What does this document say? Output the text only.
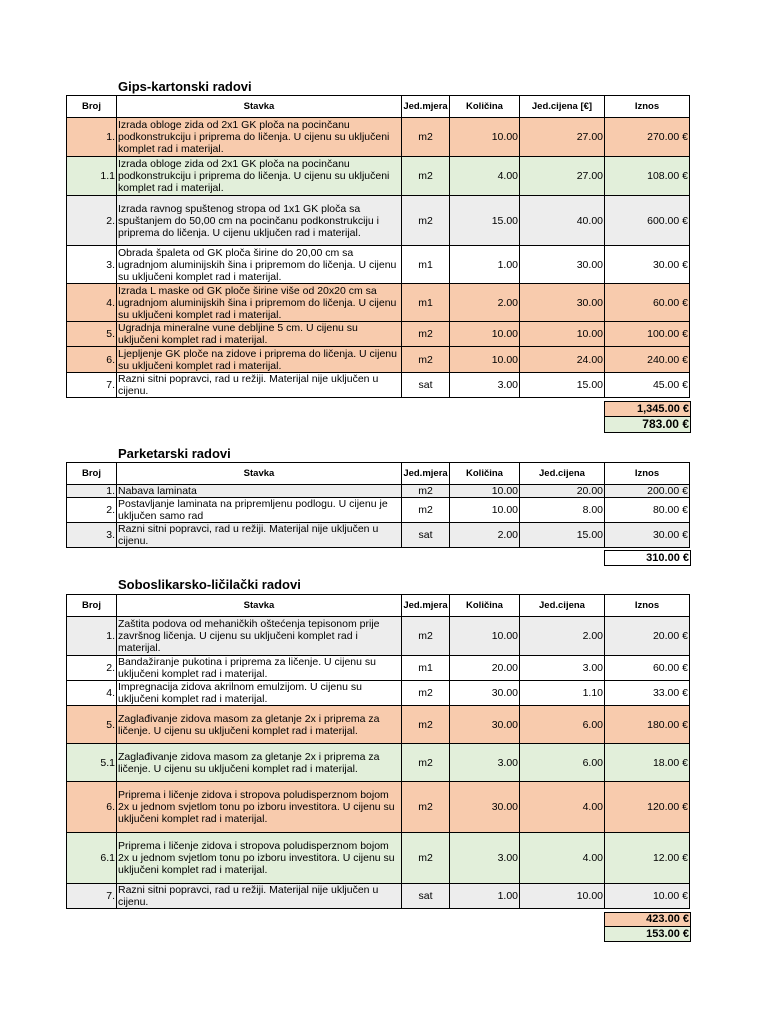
Gips-kartonski radovi
Broj	Stavka	Jed.mjera	Količina	Jed.cijena [€]	Iznos
1.	Izrada obloge zida od 2x1 GK ploča na pocinčanu podkonstrukciju i priprema do ličenja. U cijenu su uključeni komplet rad i materijal.	m2	10.00	27.00	270.00 €
1.1	Izrada obloge zida od 2x1 GK ploča na pocinčanu podkonstrukciju i priprema do ličenja. U cijenu su uključeni komplet rad i materijal.	m2	4.00	27.00	108.00 €
2.	Izrada ravnog spuštenog stropa od 1x1 GK ploča sa spuštanjem do 50,00 cm na pocinčanu podkonstrukciju i pripremа do ličenja. U cijenu uključen rad i materijal.	m2	15.00	40.00	600.00 €
3.	Obrada špaleta od GK ploča širine do 20,00 cm sa ugradnjom aluminijskih šina i pripremom do ličenja. U cijenu su uključeni komplet rad i materijal.	m1	1.00	30.00	30.00 €
4.	Izrada L maske od GK ploče širine više od 20x20 cm sa ugradnjom aluminijskih šina i pripremom do ličenja. U cijenu su uključeni komplet rad i materijal.	m1	2.00	30.00	60.00 €
5.	Ugradnja mineralne vune debljine 5 cm. U cijenu su uključeni komplet rad i materijal.	m2	10.00	10.00	100.00 €
6.	Ljepljenje GK ploče na zidove i priprema do ličenja. U cijenu su uključeni komplet rad i materijal.	m2	10.00	24.00	240.00 €
7.	Razni sitni popravci, rad u režiji. Materijal nije uključen u cijenu.	sat	3.00	15.00	45.00 €
1,345.00 €
783.00 €
Parketarski radovi
Broj	Stavka	Jed.mjera	Količina	Jed.cijena	Iznos
1.	Nabava laminata	m2	10.00	20.00	200.00 €
2.	Postavljanje laminata na pripremljenu podlogu. U cijenu je uključen samo rad	m2	10.00	8.00	80.00 €
3.	Razni sitni popravci, rad u režiji. Materijal nije uključen u cijenu.	sat	2.00	15.00	30.00 €
310.00 €
Soboslikarsko-ličilački radovi
Broj	Stavka	Jed.mjera	Količina	Jed.cijena	Iznos
1.	Zaštita podova od mehaničkih oštećenja tepisonom prije završnog ličenja. U cijenu su uključeni komplet rad i materijal.	m2	10.00	2.00	20.00 €
2.	Bandažiranje pukotina i priprema za ličenje. U cijenu su uključeni komplet rad i materijal.	m1	20.00	3.00	60.00 €
4.	Impregnacija zidova akrilnom emulzijom. U cijenu su uključeni komplet rad i materijal.	m2	30.00	1.10	33.00 €
5.	Zaglađivanje zidova masom za gletanje 2x i priprema za ličenje. U cijenu su uključeni komplet rad i materijal.	m2	30.00	6.00	180.00 €
5.1	Zaglađivanje zidova masom za gletanje 2x i priprema za ličenje. U cijenu su uključeni komplet rad i materijal.	m2	3.00	6.00	18.00 €
6.	Priprema i ličenje zidova i stropova poludisperznom bojom 2x u jednom svjetlom tonu po izboru investitora. U cijenu su uključeni komplet rad i materijal.	m2	30.00	4.00	120.00 €
6.1	Priprema i ličenje zidova i stropova poludisperznom bojom 2x u jednom svjetlom tonu po izboru investitora. U cijenu su uključeni komplet rad i materijal.	m2	3.00	4.00	12.00 €
7.	Razni sitni popravci, rad u režiji. Materijal nije uključen u cijenu.	sat	1.00	10.00	10.00 €
423.00 €
153.00 €
